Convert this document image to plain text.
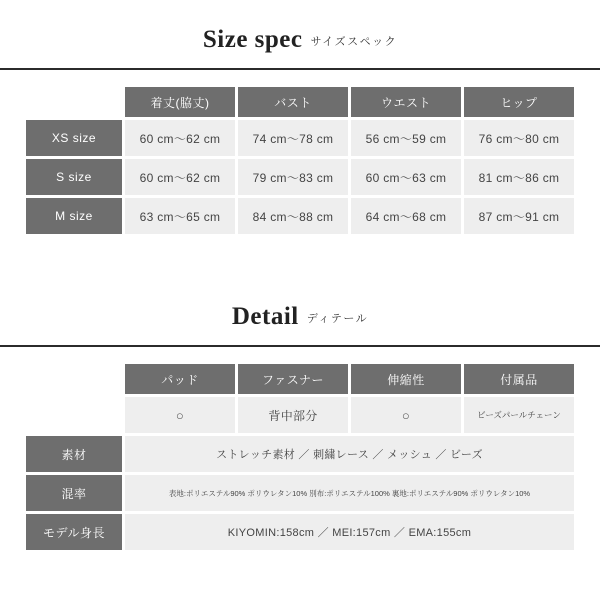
Size spec サイズスペック
	着丈(脇丈)	バスト	ウエスト	ヒップ
XS size	60 cm～62 cm	74 cm～78 cm	56 cm～59 cm	76 cm～80 cm
S size	60 cm～62 cm	79 cm～83 cm	60 cm～63 cm	81 cm～86 cm
M size	63 cm～65 cm	84 cm～88 cm	64 cm～68 cm	87 cm～91 cm
Detail ディテール
	パッド	ファスナー	伸縮性	付属品
	○	背中部分	○	ビーズパールチェーン
素材	ストレッチ素材 ／ 刺繍レース ／ メッシュ ／ ビーズ			
混率	表地:ポリエステル90% ポリウレタン10% 別布:ポリエステル100% 裏地:ポリエステル90% ポリウレタン10%			
モデル身長	KIYOMIN:158cm ／ MEI:157cm ／ EMA:155cm			
